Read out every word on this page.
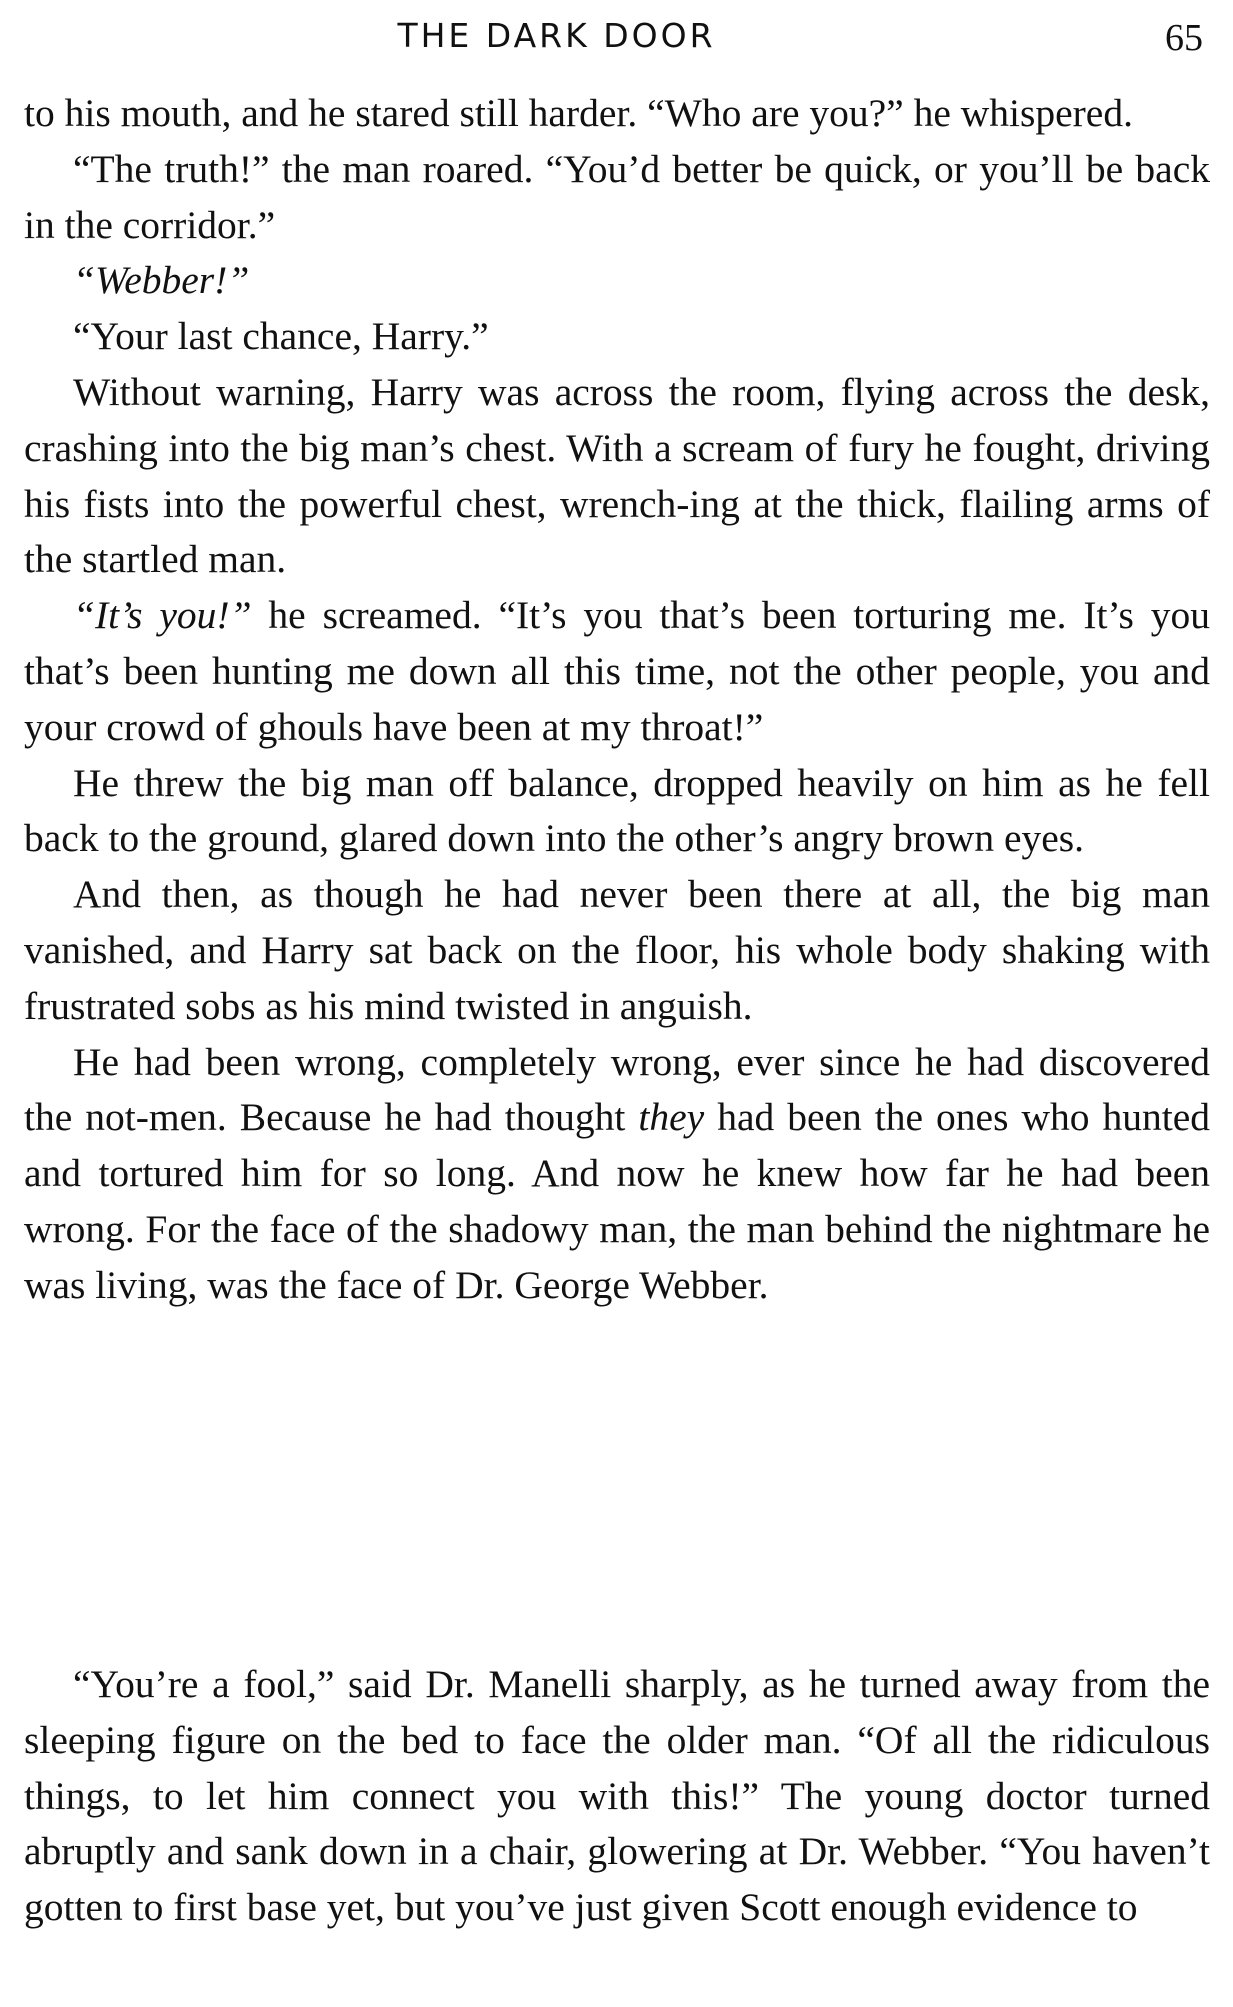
THE DARK DOOR	65

to his mouth, and he stared still harder. “Who are you?” he whispered.

“The truth!” the man roared. “You’d better be quick, or you’ll be back in the corridor.”

“Webber!”

“Your last chance, Harry.”

Without warning, Harry was across the room, flying across the desk, crashing into the big man’s chest. With a scream of fury he fought, driving his fists into the powerful chest, wrench-ing at the thick, flailing arms of the startled man.

“It’s you!” he screamed. “It’s you that’s been torturing me. It’s you that’s been hunting me down all this time, not the other people, you and your crowd of ghouls have been at my throat!”

He threw the big man off balance, dropped heavily on him as he fell back to the ground, glared down into the other’s angry brown eyes.

And then, as though he had never been there at all, the big man vanished, and Harry sat back on the floor, his whole body shaking with frustrated sobs as his mind twisted in anguish.

He had been wrong, completely wrong, ever since he had discovered the not-men. Because he had thought they had been the ones who hunted and tortured him for so long. And now he knew how far he had been wrong. For the face of the shadowy man, the man behind the nightmare he was living, was the face of Dr. George Webber.

“You’re a fool,” said Dr. Manelli sharply, as he turned away from the sleeping figure on the bed to face the older man. “Of all the ridiculous things, to let him connect you with this!” The young doctor turned abruptly and sank down in a chair, glowering at Dr. Webber. “You haven’t gotten to first base yet, but you’ve just given Scott enough evidence to
